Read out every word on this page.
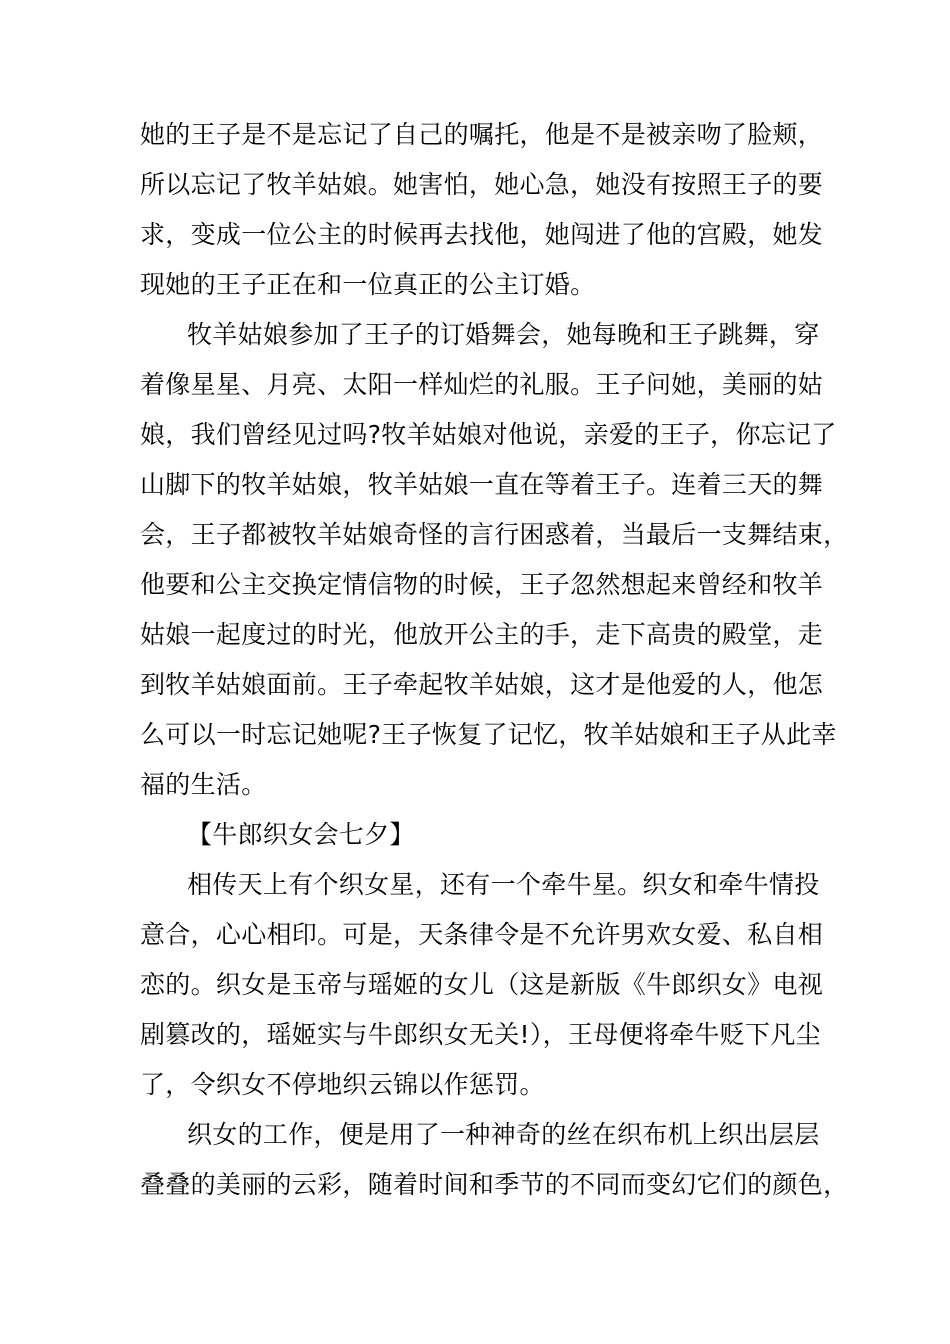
她的王子是不是忘记了自己的嘱托，他是不是被亲吻了脸颊，
所以忘记了牧羊姑娘。她害怕，她心急，她没有按照王子的要
求，变成一位公主的时候再去找他，她闯进了他的宫殿，她发
现她的王子正在和一位真正的公主订婚。
牧羊姑娘参加了王子的订婚舞会，她每晚和王子跳舞，穿
着像星星、月亮、太阳一样灿烂的礼服。王子问她，美丽的姑
娘，我们曾经见过吗?牧羊姑娘对他说，亲爱的王子，你忘记了
山脚下的牧羊姑娘，牧羊姑娘一直在等着王子。连着三天的舞
会，王子都被牧羊姑娘奇怪的言行困惑着，当最后一支舞结束，
他要和公主交换定情信物的时候，王子忽然想起来曾经和牧羊
姑娘一起度过的时光，他放开公主的手，走下高贵的殿堂，走
到牧羊姑娘面前。王子牵起牧羊姑娘，这才是他爱的人，他怎
么可以一时忘记她呢?王子恢复了记忆，牧羊姑娘和王子从此幸
福的生活。
【牛郎织女会七夕】
相传天上有个织女星，还有一个牵牛星。织女和牵牛情投
意合，心心相印。可是，天条律令是不允许男欢女爱、私自相
恋的。织女是玉帝与瑶姬的女儿（这是新版《牛郎织女》电视
剧篡改的，瑶姬实与牛郎织女无关!），王母便将牵牛贬下凡尘
了，令织女不停地织云锦以作惩罚。
织女的工作，便是用了一种神奇的丝在织布机上织出层层
叠叠的美丽的云彩，随着时间和季节的不同而变幻它们的颜色，
